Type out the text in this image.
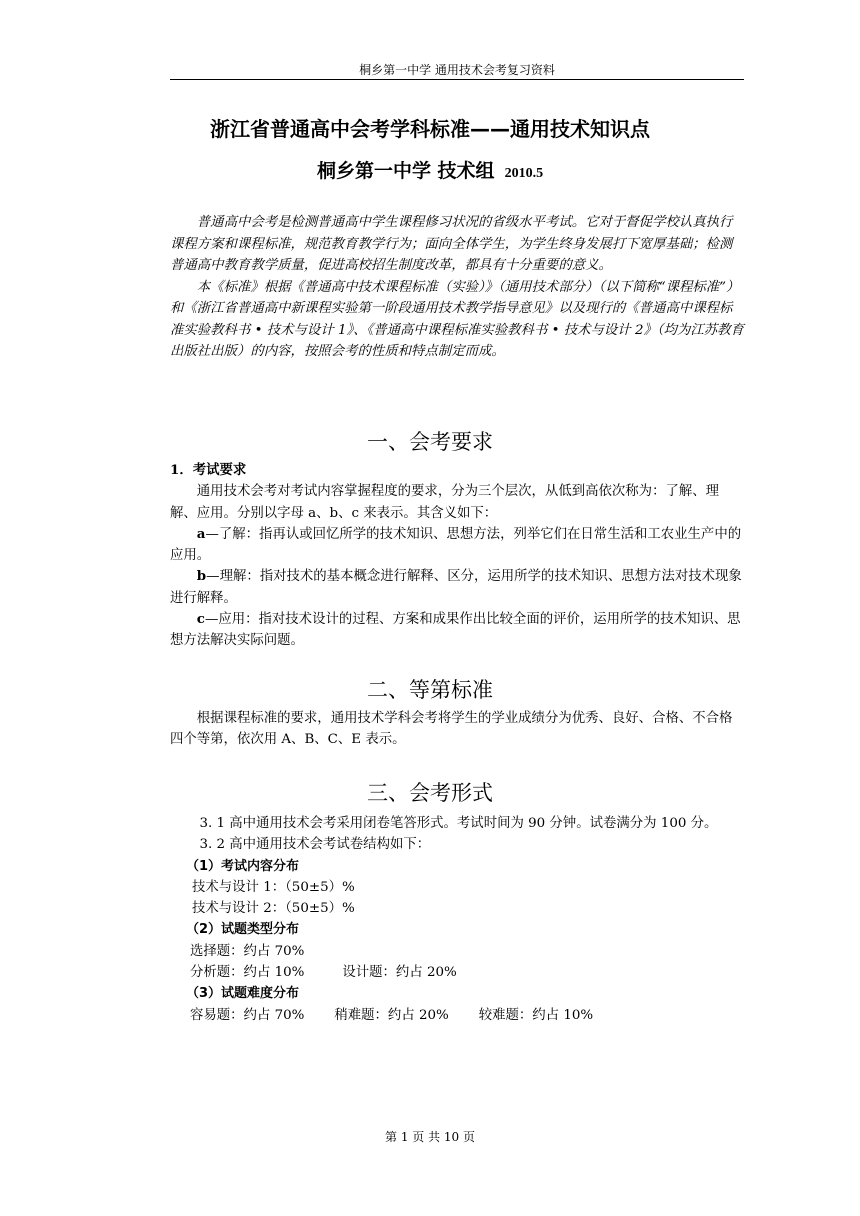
桐乡第一中学 通用技术会考复习资料
浙江省普通高中会考学科标准——通用技术知识点
桐乡第一中学 技术组 2010.5

普通高中会考是检测普通高中学生课程修习状况的省级水平考试。它对于督促学校认真执行课程方案和课程标准，规范教育教学行为；面向全体学生，为学生终身发展打下宽厚基础；检测普通高中教育教学质量，促进高校招生制度改革，都具有十分重要的意义。

本《标准》根据《普通高中技术课程标准（实验）》（通用技术部分）（以下简称“课程标准”）和《浙江省普通高中新课程实验第一阶段通用技术教学指导意见》以及现行的《普通高中课程标准实验教科书 • 技术与设计 1》、《普通高中课程标准实验教科书 • 技术与设计 2》（均为江苏教育出版社出版）的内容，按照会考的性质和特点制定而成。

一、会考要求

1．考试要求

通用技术会考对考试内容掌握程度的要求，分为三个层次，从低到高依次称为：了解、理解、应用。分别以字母 a、b、c 来表示。其含义如下：

a—了解：指再认或回忆所学的技术知识、思想方法，列举它们在日常生活和工农业生产中的应用。

b—理解：指对技术的基本概念进行解释、区分，运用所学的技术知识、思想方法对技术现象进行解释。

c—应用：指对技术设计的过程、方案和成果作出比较全面的评价，运用所学的技术知识、思想方法解决实际问题。

二、等第标准

根据课程标准的要求，通用技术学科会考将学生的学业成绩分为优秀、良好、合格、不合格四个等第，依次用 A、B、C、E 表示。

三、会考形式

3. 1 高中通用技术会考采用闭卷笔答形式。考试时间为 90 分钟。试卷满分为 100 分。

3. 2 高中通用技术会考试卷结构如下：

（1）考试内容分布

技术与设计 1：（50±5）%

技术与设计 2：（50±5）%

（2）试题类型分布

选择题：约占 70%

分析题：约占 10%	设计题：约占 20%

（3）试题难度分布

容易题：约占 70% 稍难题：约占 20% 较难题：约占 10%

第 1 页 共 10 页
